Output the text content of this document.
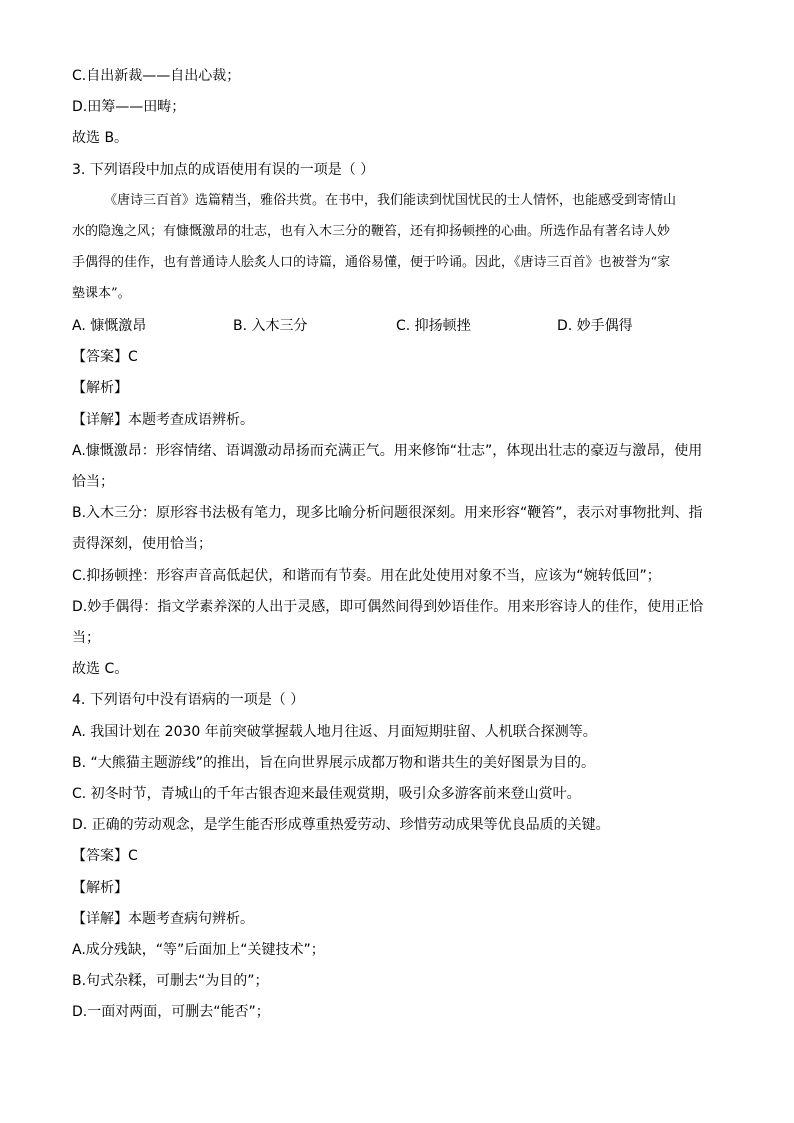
C.自出新裁——自出心裁；
D.田筹——田畴；
故选 B。
3. 下列语段中加点的成语使用有误的一项是（ ）
《唐诗三百首》选篇精当，雅俗共赏。在书中，我们能读到忧国忧民的士人情怀，也能感受到寄情山
水的隐逸之风；有慷慨激昂的壮志，也有入木三分的鞭笞，还有抑扬顿挫的心曲。所选作品有著名诗人妙
手偶得的佳作，也有普通诗人脍炙人口的诗篇，通俗易懂，便于吟诵。因此，《唐诗三百首》也被誉为“家
塾课本”。
A. 慷慨激昂	B. 入木三分	C. 抑扬顿挫	D. 妙手偶得
【答案】C
【解析】
【详解】本题考查成语辨析。
A.慷慨激昂：形容情绪、语调激动昂扬而充满正气。用来修饰“壮志”，体现出壮志的豪迈与激昂，使用
恰当；
B.入木三分：原形容书法极有笔力，现多比喻分析问题很深刻。用来形容“鞭笞”，表示对事物批判、指
责得深刻，使用恰当；
C.抑扬顿挫：形容声音高低起伏，和谐而有节奏。用在此处使用对象不当，应该为“婉转低回”；
D.妙手偶得：指文学素养深的人出于灵感，即可偶然间得到妙语佳作。用来形容诗人的佳作，使用正恰
当；
故选 C。
4. 下列语句中没有语病的一项是（ ）
A. 我国计划在 2030 年前突破掌握载人地月往返、月面短期驻留、人机联合探测等。
B. “大熊猫主题游线”的推出，旨在向世界展示成都万物和谐共生的美好图景为目的。
C. 初冬时节，青城山的千年古银杏迎来最佳观赏期，吸引众多游客前来登山赏叶。
D. 正确的劳动观念，是学生能否形成尊重热爱劳动、珍惜劳动成果等优良品质的关键。
【答案】C
【解析】
【详解】本题考查病句辨析。
A.成分残缺，“等”后面加上“关键技术”；
B.句式杂糅，可删去“为目的”；
D.一面对两面，可删去“能否”；
